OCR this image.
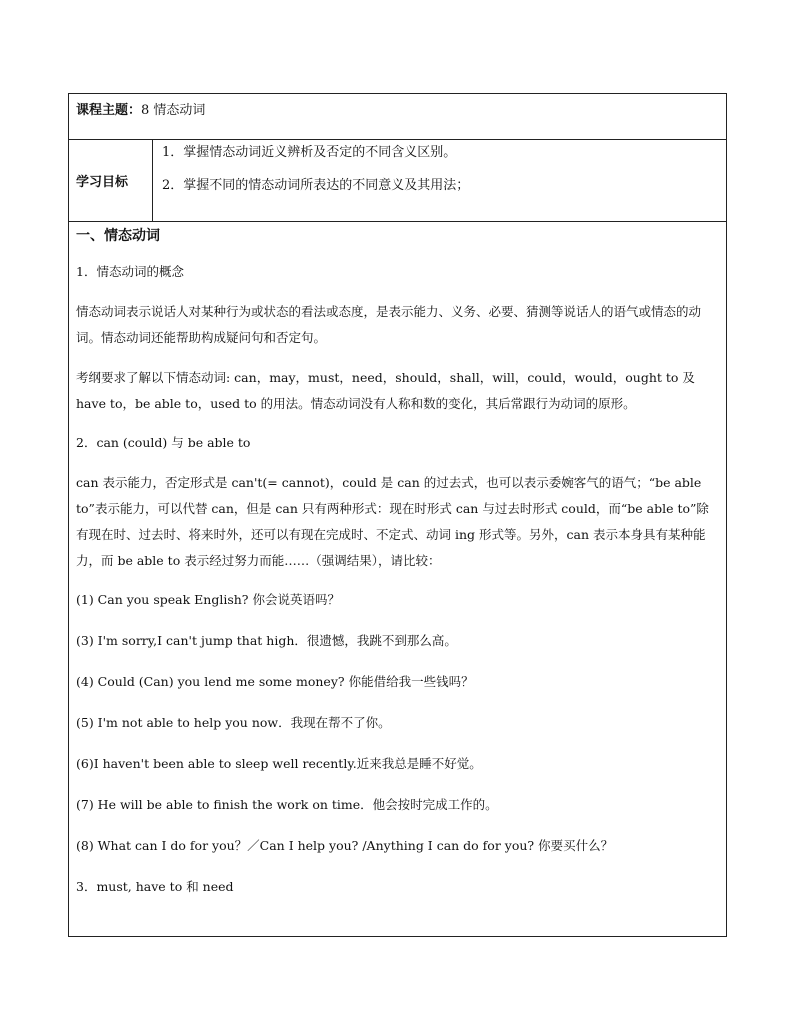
课程主题：8 情态动词
学习目标	
1．掌握情态动词近义辨析及否定的不同含义区别。
2．掌握不同的情态动词所表达的不同意义及其用法；

一、情态动词
1．情态动词的概念
情态动词表示说话人对某种行为或状态的看法或态度，是表示能力、义务、必要、猜测等说话人的语气或情态的动词。情态动词还能帮助构成疑问句和否定句。
考纲要求了解以下情态动词: can，may，must，need，should，shall，will，could，would，ought to 及 have to，be able to，used to 的用法。情态动词没有人称和数的变化，其后常跟行为动词的原形。
2．can (could) 与 be able to
can 表示能力，否定形式是 can't(= cannot)，could 是 can 的过去式，也可以表示委婉客气的语气；“be able to”表示能力，可以代替 can，但是 can 只有两种形式：现在时形式 can 与过去时形式 could，而“be able to”除有现在时、过去时、将来时外，还可以有现在完成时、不定式、动词 ing 形式等。另外，can 表示本身具有某种能力，而 be able to 表示经过努力而能……（强调结果），请比较：
(1) Can you speak English? 你会说英语吗？
(3) I'm sorry,I can't jump that high．很遗憾，我跳不到那么高。
(4) Could (Can) you lend me some money? 你能借给我一些钱吗？
(5) I'm not able to help you now．我现在帮不了你。
(6)I haven't been able to sleep well recently.近来我总是睡不好觉。
(7) He will be able to finish the work on time．他会按时完成工作的。
(8) What can I do for you？／Can I help you? /Anything I can do for you? 你要买什么？
3．must, have to 和 need
